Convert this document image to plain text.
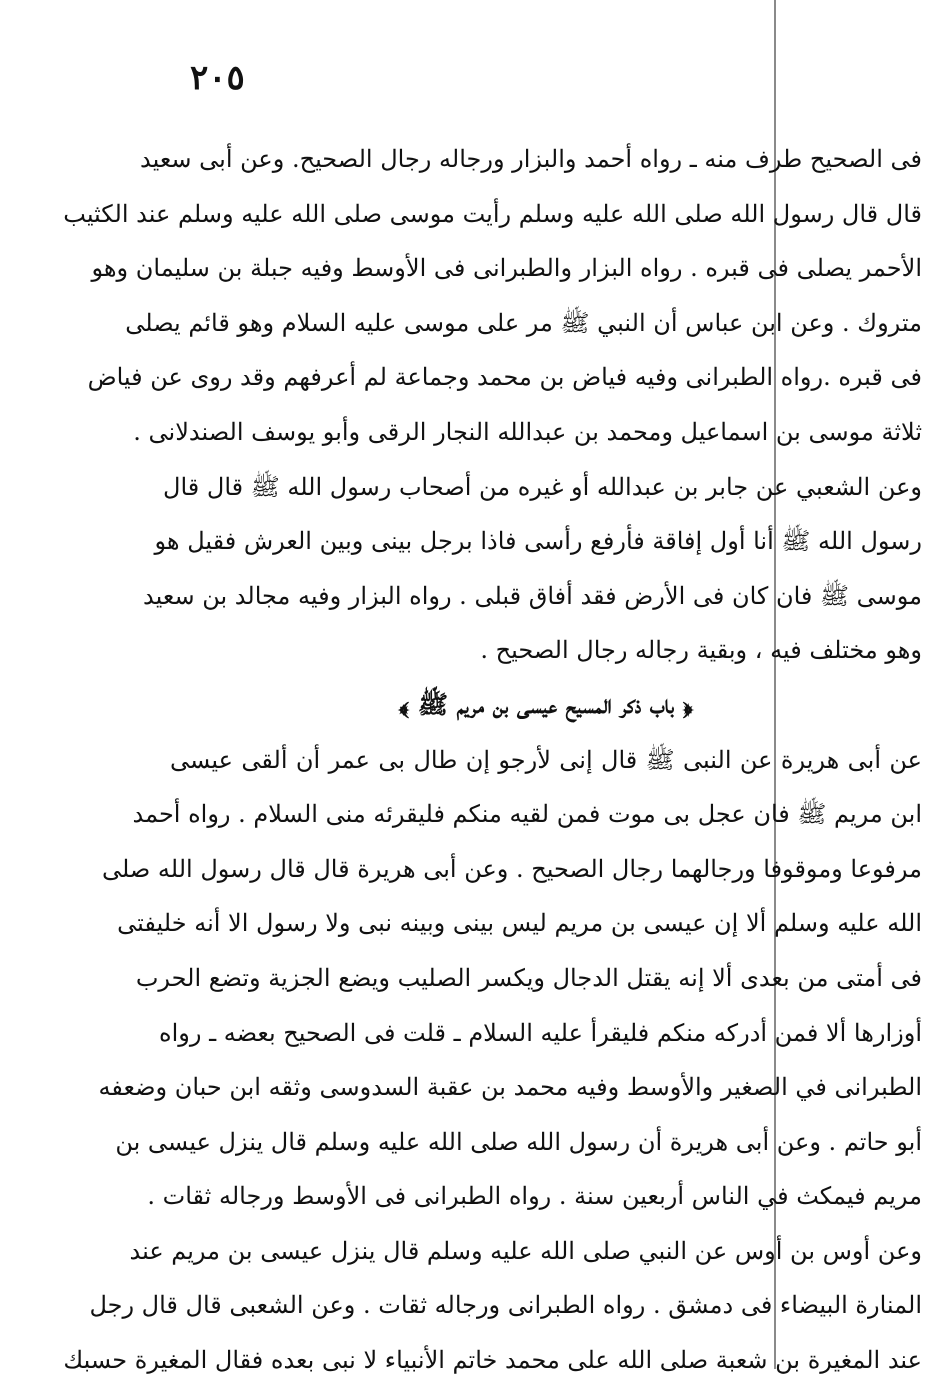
٢٠٥
فى الصحيح طرف منه ـ رواه أحمد والبزار ورجاله رجال الصحيح. وعن أبى سعيد
قال قال رسول الله صلى الله عليه وسلم رأيت موسى صلى الله عليه وسلم عند الكثيب
الأحمر يصلى فى قبره . رواه البزار والطبرانى فى الأوسط وفيه جبلة بن سليمان وهو
متروك . وعن ابن عباس أن النبي ﷺ مر على موسى عليه السلام وهو قائم يصلى
فى قبره .رواه الطبرانى وفيه فياض بن محمد وجماعة لم أعرفهم وقد روى عن فياض
ثلاثة موسى بن اسماعيل ومحمد بن عبدالله النجار الرقى وأبو يوسف الصندلانى .
وعن الشعبي عن جابر بن عبدالله أو غيره من أصحاب رسول الله ﷺ قال قال
رسول الله ﷺ أنا أول إفاقة فأرفع رأسى فاذا برجل بينى وبين العرش فقيل هو
موسى ﷺ فان كان فى الأرض فقد أفاق قبلى . رواه البزار وفيه مجالد بن سعيد
وهو مختلف فيه ، وبقية رجاله رجال الصحيح .
﴿ باب ذكر المسيح عيسى بن مريم ﷺ ﴾
عن أبى هريرة عن النبى ﷺ قال إنى لأرجو إن طال بى عمر أن ألقى عيسى
ابن مريم ﷺ فان عجل بى موت فمن لقيه منكم فليقرئه منى السلام . رواه أحمد
مرفوعا وموقوفا ورجالهما رجال الصحيح . وعن أبى هريرة قال قال رسول الله صلى
الله عليه وسلم ألا إن عيسى بن مريم ليس بينى وبينه نبى ولا رسول الا أنه خليفتى
فى أمتى من بعدى ألا إنه يقتل الدجال ويكسر الصليب ويضع الجزية وتضع الحرب
أوزارها ألا فمن أدركه منكم فليقرأ عليه السلام ـ قلت فى الصحيح بعضه ـ رواه
الطبرانى في الصغير والأوسط وفيه محمد بن عقبة السدوسى وثقه ابن حبان وضعفه
أبو حاتم . وعن أبى هريرة أن رسول الله صلى الله عليه وسلم قال ينزل عيسى بن
مريم فيمكث في الناس أربعين سنة . رواه الطبرانى فى الأوسط ورجاله ثقات .
وعن أوس بن أوس عن النبي صلى الله عليه وسلم قال ينزل عيسى بن مريم عند
المنارة البيضاء فى دمشق . رواه الطبرانى ورجاله ثقات . وعن الشعبى قال قال رجل
عند المغيرة بن شعبة صلى الله على محمد خاتم الأنبياء لا نبى بعده فقال المغيرة حسبك
